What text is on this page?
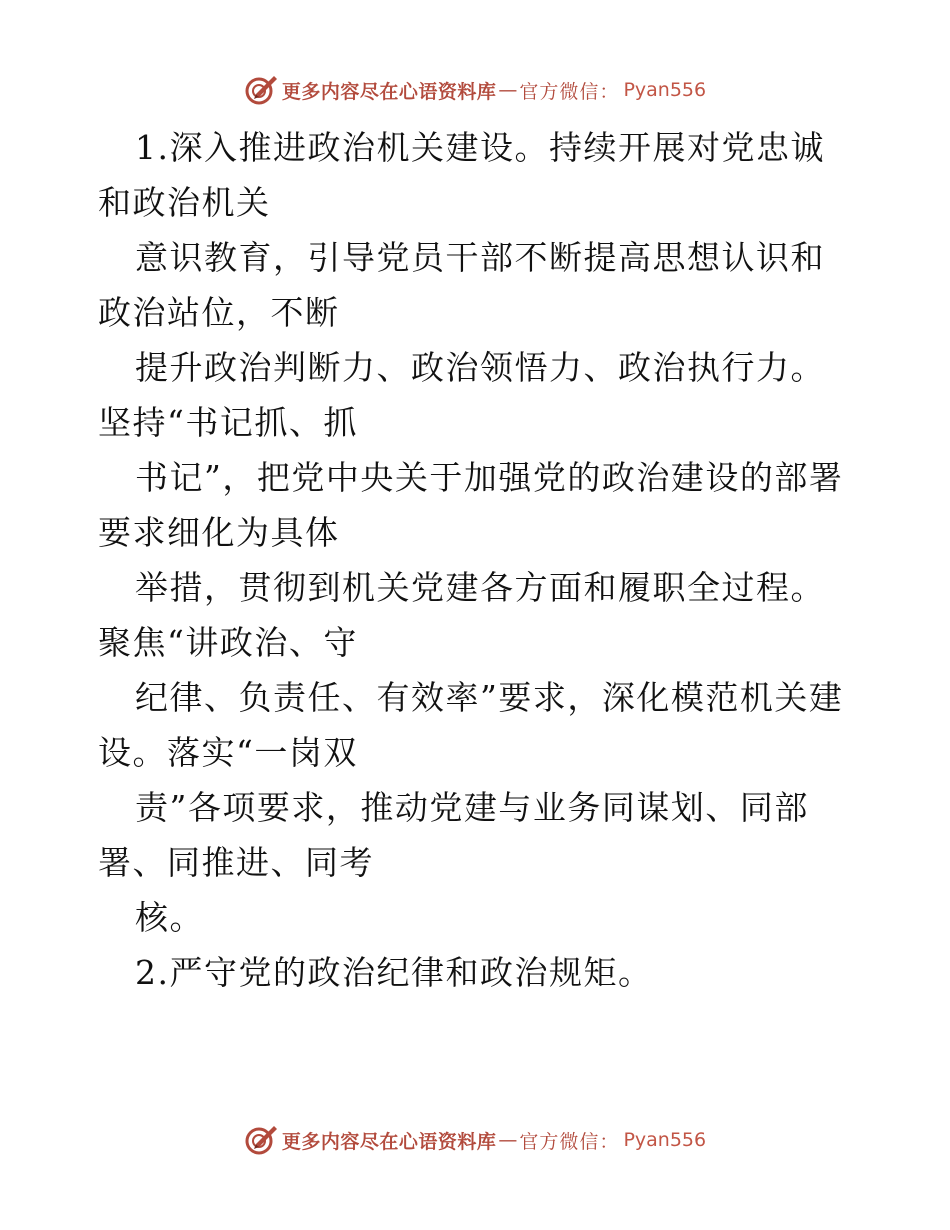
更多内容尽在心语资料库 — 官方微信： Pyan556

1.深入推进政治机关建设。持续开展对党忠诚和政治机关

意识教育，引导党员干部不断提高思想认识和政治站位，不断

提升政治判断力、政治领悟力、政治执行力。坚持“书记抓、抓

书记”，把党中央关于加强党的政治建设的部署要求细化为具体

举措，贯彻到机关党建各方面和履职全过程。聚焦“讲政治、守

纪律、负责任、有效率”要求，深化模范机关建设。落实“一岗双

责”各项要求，推动党建与业务同谋划、同部署、同推进、同考

核。

2.严守党的政治纪律和政治规矩。

更多内容尽在心语资料库 — 官方微信： Pyan556
